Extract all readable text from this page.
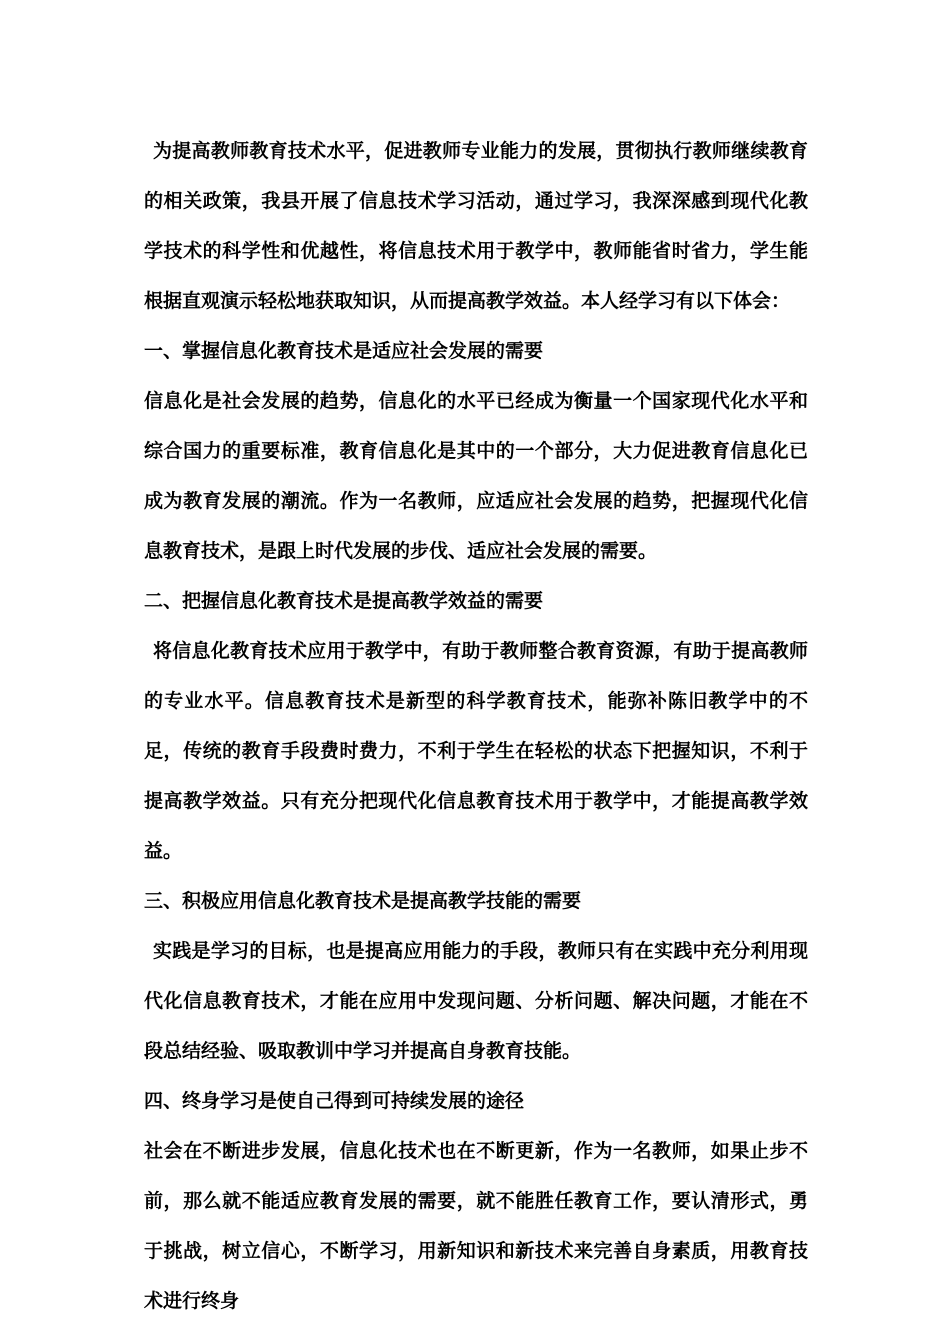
为提高教师教育技术水平，促进教师专业能力的发展，贯彻执行教师继续教育的相关政策，我县开展了信息技术学习活动，通过学习，我深深感到现代化教学技术的科学性和优越性，将信息技术用于教学中，教师能省时省力，学生能根据直观演示轻松地获取知识，从而提高教学效益。本人经学习有以下体会：

一、掌握信息化教育技术是适应社会发展的需要

信息化是社会发展的趋势，信息化的水平已经成为衡量一个国家现代化水平和综合国力的重要标准，教育信息化是其中的一个部分，大力促进教育信息化已成为教育发展的潮流。作为一名教师，应适应社会发展的趋势，把握现代化信息教育技术，是跟上时代发展的步伐、适应社会发展的需要。

二、把握信息化教育技术是提高教学效益的需要

将信息化教育技术应用于教学中，有助于教师整合教育资源，有助于提高教师的专业水平。信息教育技术是新型的科学教育技术，能弥补陈旧教学中的不足，传统的教育手段费时费力，不利于学生在轻松的状态下把握知识，不利于提高教学效益。只有充分把现代化信息教育技术用于教学中，才能提高教学效益。

三、积极应用信息化教育技术是提高教学技能的需要

实践是学习的目标，也是提高应用能力的手段，教师只有在实践中充分利用现代化信息教育技术，才能在应用中发现问题、分析问题、解决问题，才能在不段总结经验、吸取教训中学习并提高自身教育技能。

四、终身学习是使自己得到可持续发展的途径

社会在不断进步发展，信息化技术也在不断更新，作为一名教师，如果止步不前，那么就不能适应教育发展的需要，就不能胜任教育工作，要认清形式，勇于挑战，树立信心，不断学习，用新知识和新技术来完善自身素质，用教育技术进行终身
